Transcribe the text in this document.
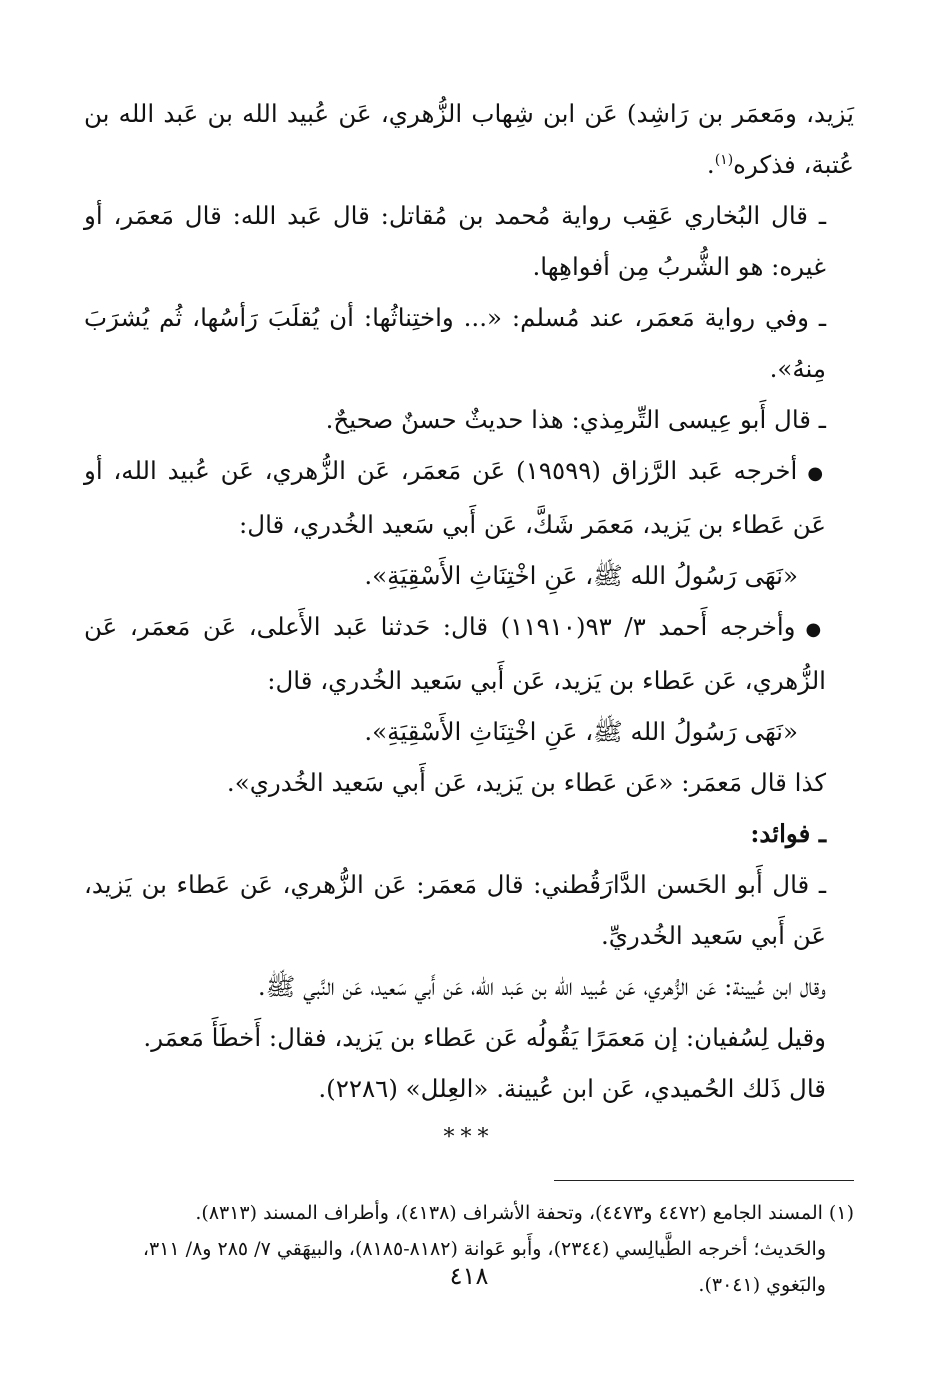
يَزيد، ومَعمَر بن رَاشِد) عَن ابن شِهاب الزُّهري، عَن عُبيد الله بن عَبد الله بن عُتبة، فذكره$^{(١)}$.

ـ قال البُخاري عَقِب رواية مُحمد بن مُقاتل: قال عَبد الله: قال مَعمَر، أو غيره: هو الشُّربُ مِن أفواهِها.

ـ وفي رواية مَعمَر، عند مُسلم: «... واختِناثُها: أن يُقلَبَ رَأسُها، ثُم يُشرَبَ مِنهُ».

ـ قال أَبو عِيسى التِّرمِذي: هذا حديثٌ حسنٌ صحيحٌ.

●أخرجه عَبد الرَّزاق (١٩٥٩٩) عَن مَعمَر، عَن الزُّهري، عَن عُبيد الله، أو عَن عَطاء بن يَزيد، مَعمَر شَكَّ، عَن أَبي سَعيد الخُدري، قال:

«نَهَى رَسُولُ الله ﷺ، عَنِ اخْتِنَاثِ الأَسْقِيَةِ».

●وأخرجه أَحمد ٣/ ٩٣(١١٩١٠) قال: حَدثنا عَبد الأَعلى، عَن مَعمَر، عَن الزُّهري، عَن عَطاء بن يَزيد، عَن أَبي سَعيد الخُدري، قال:

«نَهَى رَسُولُ الله ﷺ، عَنِ اخْتِنَاثِ الأَسْقِيَةِ».

كذا قال مَعمَر: «عَن عَطاء بن يَزيد، عَن أَبي سَعيد الخُدري».

ـ فوائد:

ـ قال أَبو الحَسن الدَّارَقُطني: قال مَعمَر: عَن الزُّهري، عَن عَطاء بن يَزيد، عَن أَبي سَعيد الخُدريِّ.

وقال ابن عُيينة: عَن الزُّهري، عَن عُبيد الله بن عَبد الله، عَن أَبي سَعيد، عَن النَّبي ﷺ.

وقيل لِسُفيان: إن مَعمَرًا يَقُولُه عَن عَطاء بن يَزيد، فقال: أَخطَأَ مَعمَر.

قال ذَلك الحُميدي، عَن ابن عُيينة. «العِلل» (٢٢٨٦).

***

(١) المسند الجامع (٤٤٧٢ و٤٤٧٣)، وتحفة الأشراف (٤١٣٨)، وأطراف المسند (٨٣١٣).

والحَديث؛ أخرجه الطَّيالِسي (٢٣٤٤)، وأَبو عَوانة (٨١٨٢-٨١٨٥)، والبيهَقي ٧/ ٢٨٥ و٨/ ٣١١، والبَغوي (٣٠٤١).

٤١٨
